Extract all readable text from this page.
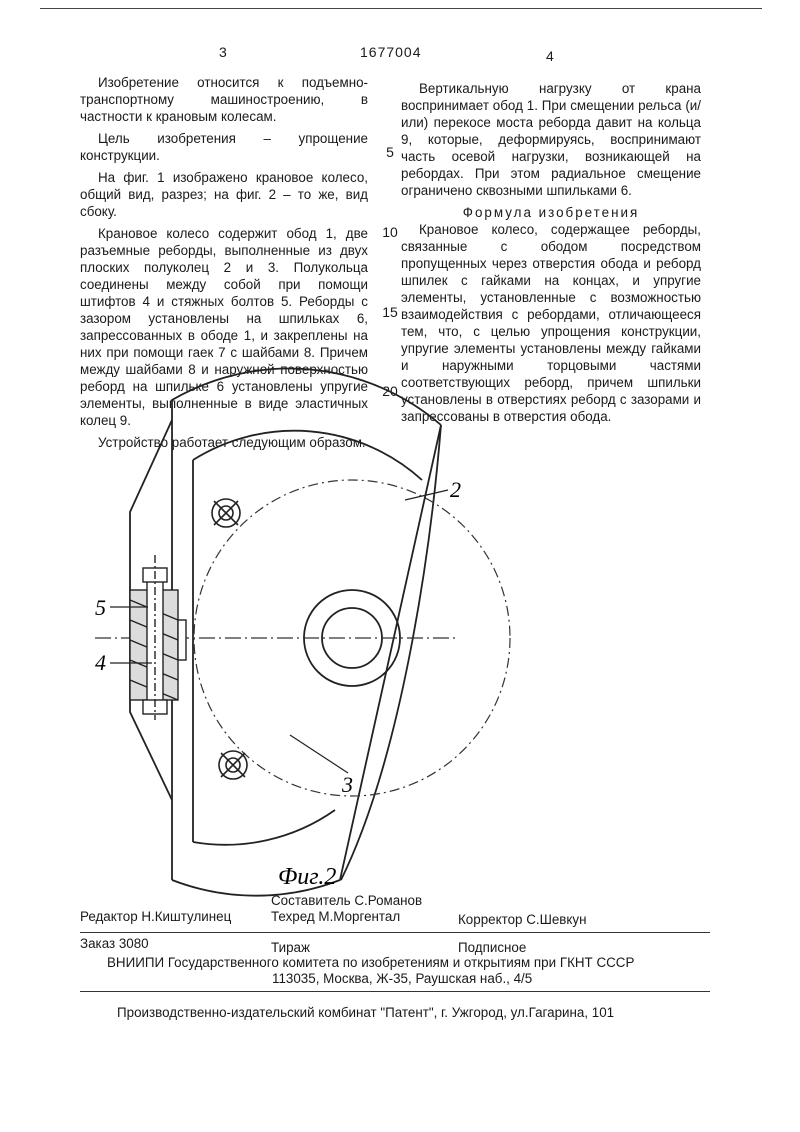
3	1677004	4

Изобретение относится к подъемно-транспортному машиностроению, в частности к крановым колесам.

Цель изобретения – упрощение конструкции.

На фиг. 1 изображено крановое колесо, общий вид, разрез; на фиг. 2 – то же, вид сбоку.

Крановое колесо содержит обод 1, две разъемные реборды, выполненные из двух плоских полуколец 2 и 3. Полукольца соединены между собой при помощи штифтов 4 и стяжных болтов 5. Реборды с зазором установлены на шпильках 6, запрессованных в ободе 1, и закреплены на них при помощи гаек 7 с шайбами 8. Причем между шайбами 8 и наружной поверхностью реборд на шпильке 6 установлены упругие элементы, выполненные в виде эластичных колец 9.

Устройство работает следующим образом.

5
10
15
20

Вертикальную нагрузку от крана воспринимает обод 1. При смещении рельса (и/или) перекосе моста реборда давит на кольца 9, которые, деформируясь, воспринимают часть осевой нагрузки, возникающей на ребордах. При этом радиальное смещение ограничено сквозными шпильками 6.

Формула изобретения

Крановое колесо, содержащее реборды, связанные с ободом посредством пропущенных через отверстия обода и реборд шпилек с гайками на концах, и упругие элементы, установленные с возможностью взаимодействия с ребордами, отличающееся тем, что, с целью упрощения конструкции, упругие элементы установлены между гайками и наружными торцовыми частями соответствующих реборд, причем шпильки установлены в отверстиях реборд с зазорами и запрессованы в отверстия обода.

2
3
4
5
Фиг.2
Составитель С.Романов
Редактор Н.Киштулинец	Техред М.Моргентал	Корректор С.Шевкун
Заказ 3080	Тираж	Подписное
ВНИИПИ Государственного комитета по изобретениям и открытиям при ГКНТ СССР
113035, Москва, Ж-35, Раушская наб., 4/5
Производственно-издательский комбинат "Патент", г. Ужгород, ул.Гагарина, 101
